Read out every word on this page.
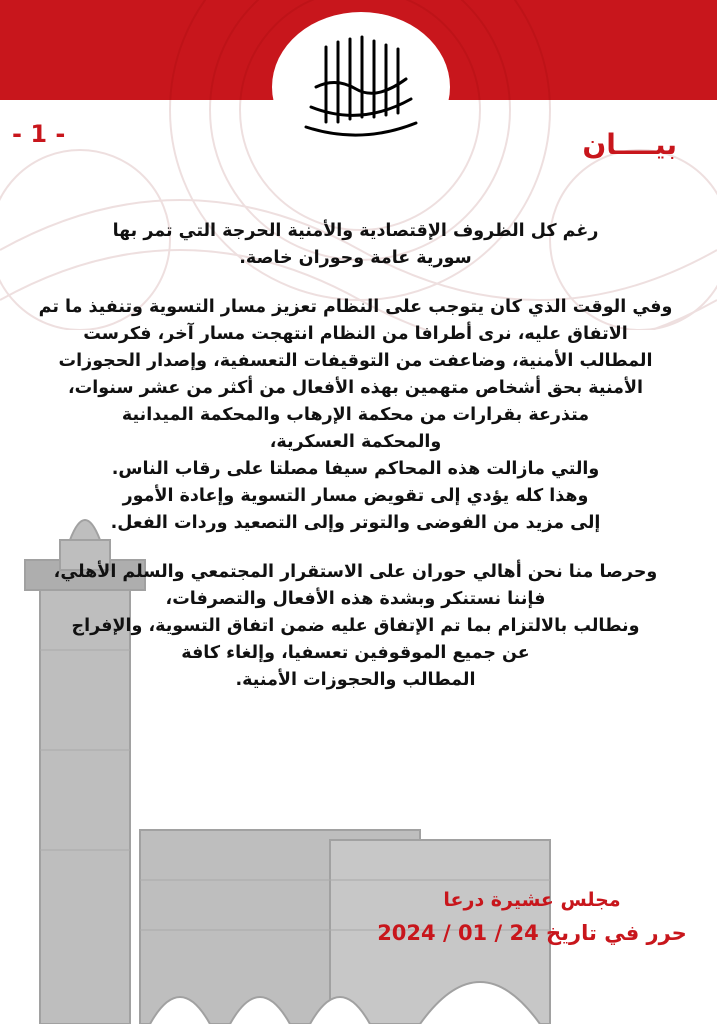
- 1 -	بيــــان
رغم كل الظروف الإقتصادية والأمنية الحرجة التي تمر بها
سورية عامة وحوران خاصة.
وفي الوقت الذي كان يتوجب على النظام تعزيز مسار التسوية وتنفيذ ما تم
الاتفاق عليه، نرى أطرافا من النظام انتهجت مسار آخر، فكرست
المطالب الأمنية، وضاعفت من التوقيفات التعسفية، وإصدار الحجوزات
الأمنية بحق أشخاص متهمين بهذه الأفعال من أكثر من عشر سنوات،
متذرعة بقرارات من محكمة الإرهاب والمحكمة الميدانية
والمحكمة العسكرية،
والتي مازالت هذه المحاكم سيفا مصلتا على رقاب الناس.
وهذا كله يؤدي إلى تقويض مسار التسوية وإعادة الأمور
إلى مزيد من الفوضى والتوتر وإلى التصعيد وردات الفعل.
وحرصا منا نحن أهالي حوران على الاستقرار المجتمعي والسلم الأهلي،
فإننا نستنكر وبشدة هذه الأفعال والتصرفات،
ونطالب بالالتزام بما تم الإتفاق عليه ضمن اتفاق التسوية، والإفراج
عن جميع الموقوفين تعسفيا، وإلغاء كافة
المطالب والحجوزات الأمنية.
مجلس عشيرة درعا
حرر في تاريخ 24 / 01 / 2024
